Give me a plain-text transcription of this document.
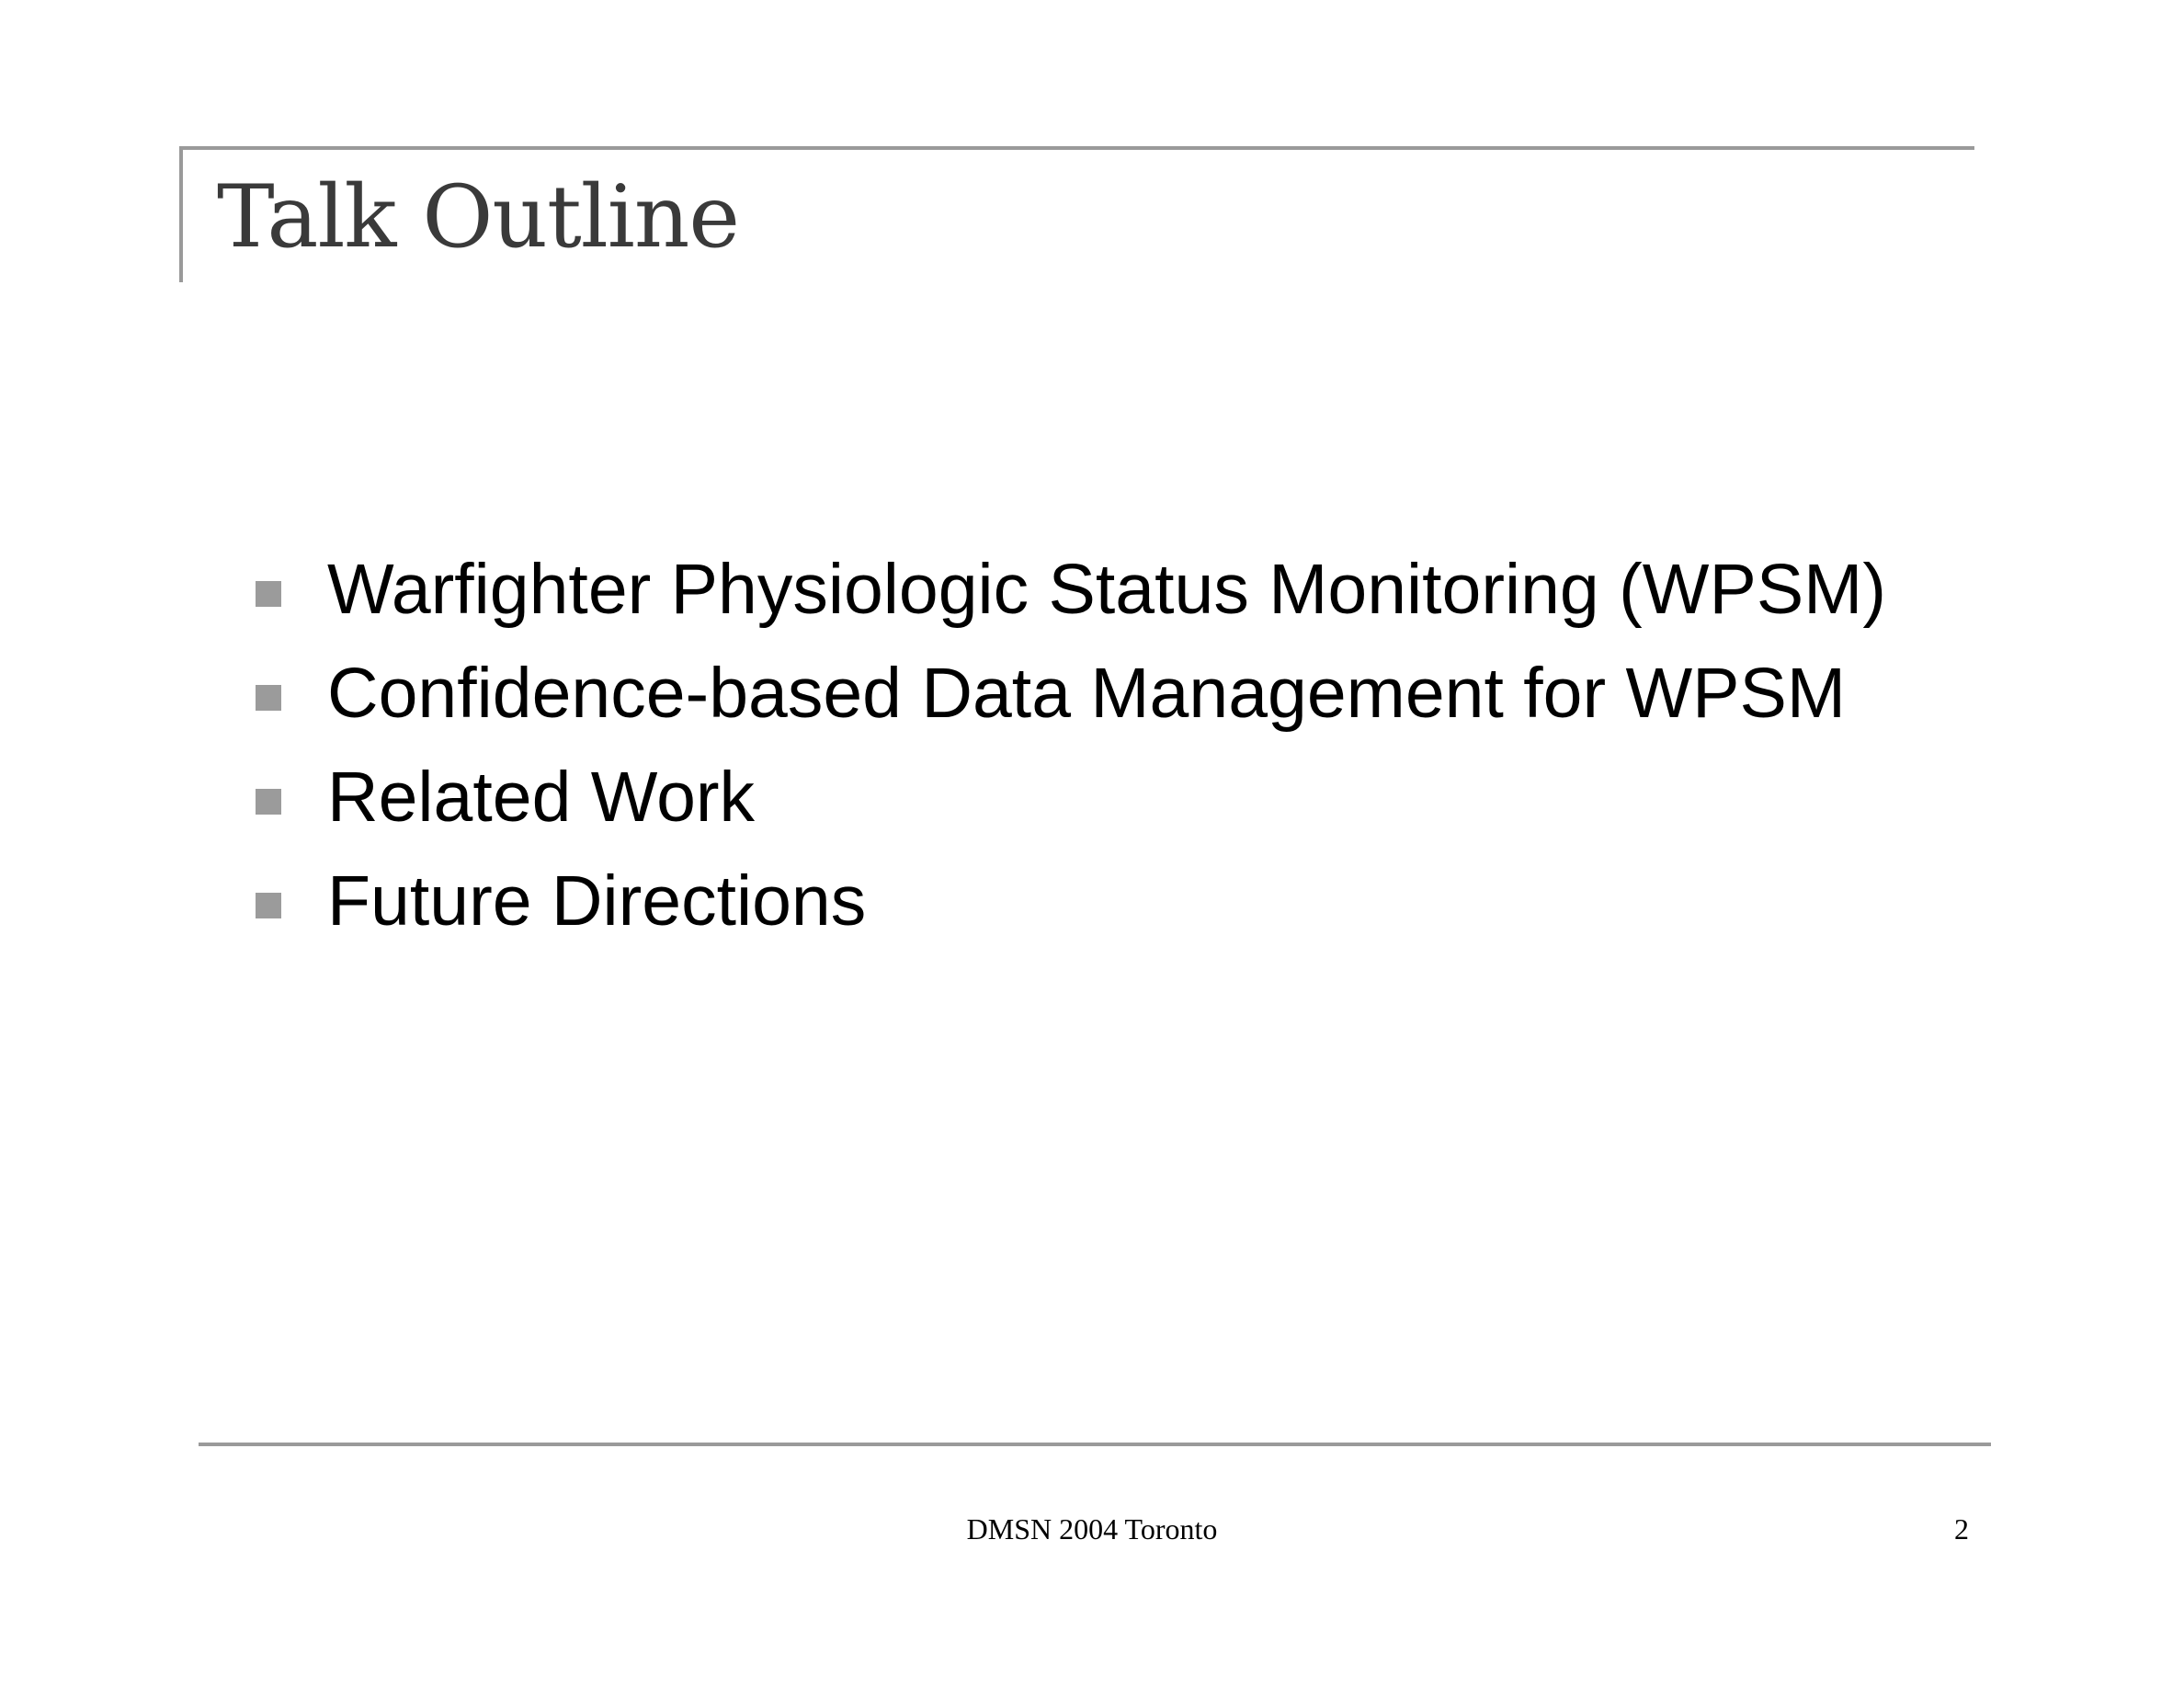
Talk Outline
Warfighter Physiologic Status Monitoring (WPSM)
Confidence-based Data Management for WPSM
Related Work
Future Directions
DMSN 2004 Toronto	2
